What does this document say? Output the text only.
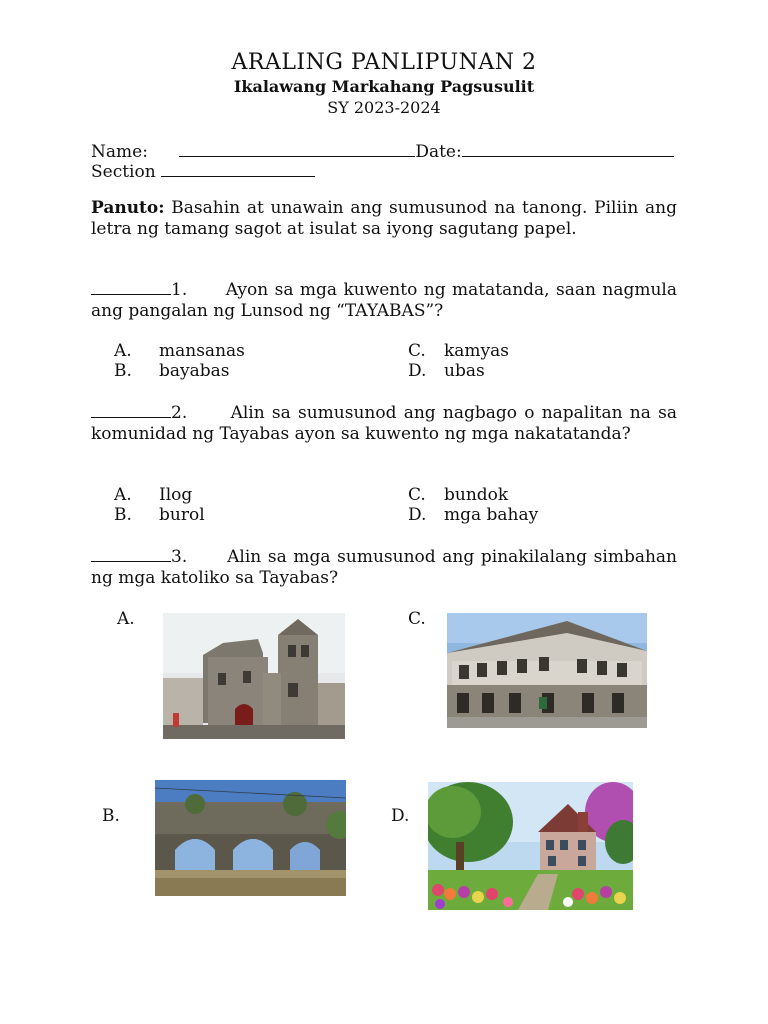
ARALING PANLIPUNAN 2
Ikalawang Markahang Pagsusulit
SY 2023-2024
Name:	Date:
Section
Panuto: Basahin at unawain ang sumusunod na tanong. Piliin ang letra ng tamang sagot at isulat sa iyong sagutang papel.
1. Ayon sa mga kuwento ng matatanda, saan nagmula ang pangalan ng Lunsod ng “TAYABAS”?
A. mansanas
B. bayabas
C. kamyas
D. ubas
2.	Alin sa sumusunod ang nagbago o napalitan na sa komunidad ng Tayabas ayon sa kuwento ng mga nakatatanda?
A. Ilog
B. burol
C. bundok
D. mga bahay
3. Alin sa mga sumusunod ang pinakilalang simbahan ng mga katoliko sa Tayabas?
A.	C.
B.	D.
